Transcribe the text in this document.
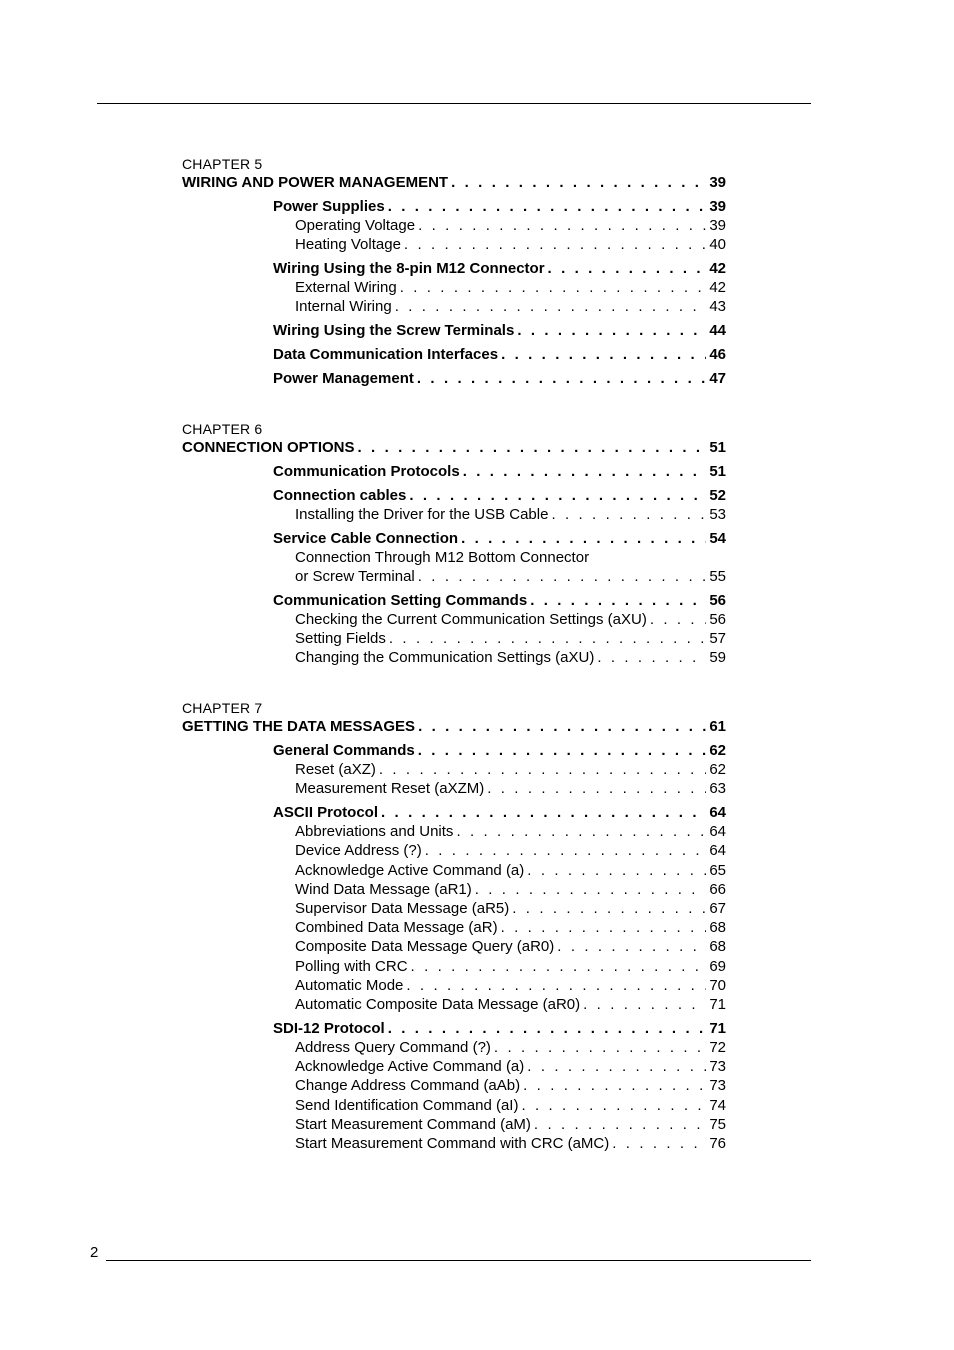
CHAPTER 5
WIRING AND POWER MANAGEMENT . . .	39
Power Supplies . . .	39
Operating Voltage . . .	39
Heating Voltage . . .	40
Wiring Using the 8-pin M12 Connector . . .	42
External Wiring . . .	42
Internal Wiring . . .	43
Wiring Using the Screw Terminals . . .	44
Data Communication Interfaces . . .	46
Power Management . . .	47
CHAPTER 6
CONNECTION OPTIONS . . .	51
Communication Protocols . . .	51
Connection cables . . .	52
Installing the Driver for the USB Cable . . .	53
Service Cable Connection . . .	54
Connection Through M12 Bottom Connector
or Screw Terminal . . .	55
Communication Setting Commands . . .	56
Checking the Current Communication Settings (aXU) . . .	56
Setting Fields . . .	57
Changing the Communication Settings (aXU) . . .	59
CHAPTER 7
GETTING THE DATA MESSAGES . . .	61
General Commands . . .	62
Reset (aXZ) . . .	62
Measurement Reset (aXZM) . . .	63
ASCII Protocol . . .	64
Abbreviations and Units . . .	64
Device Address (?) . . .	64
Acknowledge Active Command (a) . . .	65
Wind Data Message (aR1) . . .	66
Supervisor Data Message (aR5) . . .	67
Combined Data Message (aR) . . .	68
Composite Data Message Query (aR0) . . .	68
Polling with CRC . . .	69
Automatic Mode . . .	70
Automatic Composite Data Message (aR0) . . .	71
SDI-12 Protocol . . .	71
Address Query Command (?) . . .	72
Acknowledge Active Command (a) . . .	73
Change Address Command (aAb) . . .	73
Send Identification Command (aI) . . .	74
Start Measurement Command (aM) . . .	75
Start Measurement Command with CRC (aMC) . . .	76
2
